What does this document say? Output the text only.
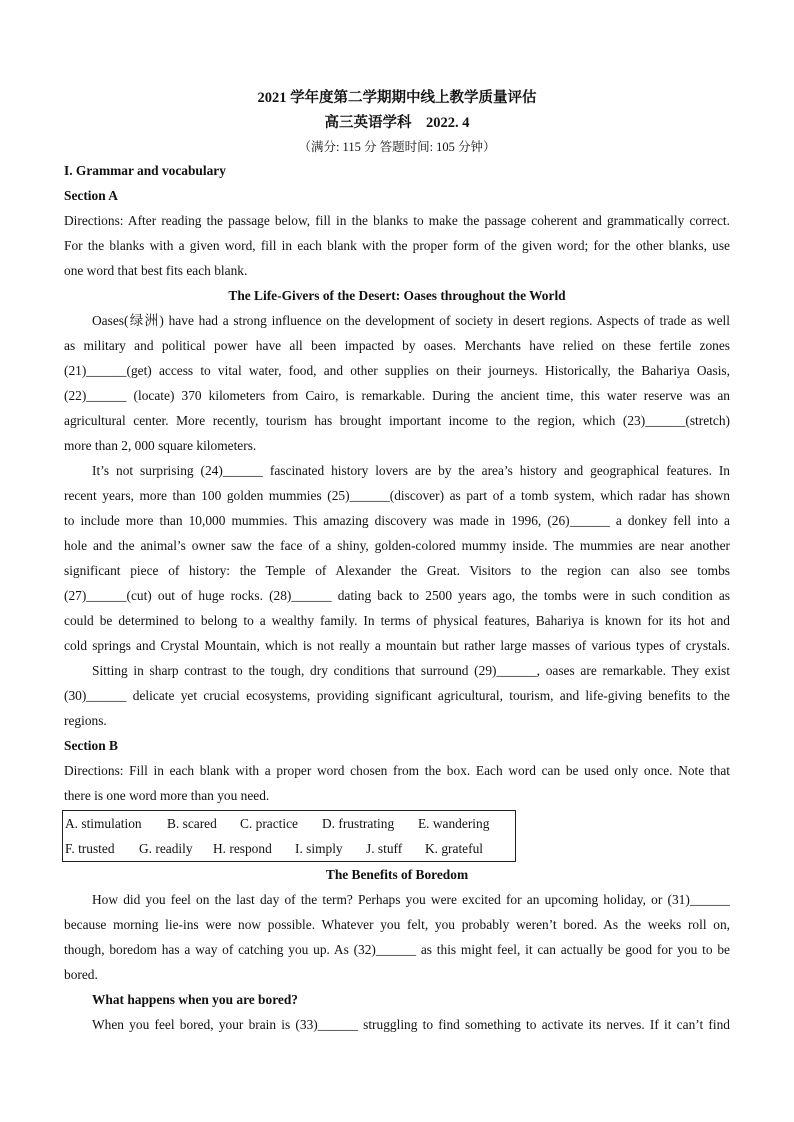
2021 学年度第二学期期中线上教学质量评估
高三英语学科　2022. 4
（满分: 115 分 答题时间: 105 分钟）
I. Grammar and vocabulary
Section A
Directions: After reading the passage below, fill in the blanks to make the passage coherent and grammatically correct.
For the blanks with a given word, fill in each blank with the proper form of the given word; for the other blanks, use
one word that best fits each blank.
The Life-Givers of the Desert: Oases throughout the World
Oases(绿洲) have had a strong influence on the development of society in desert regions. Aspects of trade as well
as military and political power have all been impacted by oases. Merchants have relied on these fertile zones
(21)______(get) access to vital water, food, and other supplies on their journeys. Historically, the Bahariya Oasis,
(22)______ (locate) 370 kilometers from Cairo, is remarkable. During the ancient time, this water reserve was an
agricultural center. More recently, tourism has brought important income to the region, which (23)______(stretch)
more than 2, 000 square kilometers.
It’s not surprising (24)______ fascinated history lovers are by the area’s history and geographical features. In
recent years, more than 100 golden mummies (25)______(discover) as part of a tomb system, which radar has shown
to include more than 10,000 mummies. This amazing discovery was made in 1996, (26)______ a donkey fell into a
hole and the animal’s owner saw the face of a shiny, golden-colored mummy inside. The mummies are near another
significant piece of history: the Temple of Alexander the Great. Visitors to the region can also see tombs
(27)______(cut) out of huge rocks. (28)______ dating back to 2500 years ago, the tombs were in such condition as
could be determined to belong to a wealthy family. In terms of physical features, Bahariya is known for its hot and
cold springs and Crystal Mountain, which is not really a mountain but rather large masses of various types of crystals.
Sitting in sharp contrast to the tough, dry conditions that surround (29)______, oases are remarkable. They exist
(30)______ delicate yet crucial ecosystems, providing significant agricultural, tourism, and life-giving benefits to the
regions.
Section B
Directions: Fill in each blank with a proper word chosen from the box. Each word can be used only once. Note that
there is one word more than you need.
A. stimulation	B. scared	C. practice	D. frustrating	E. wandering
F. trusted	G. readily	H. respond	I. simply	J. stuff	K. grateful
The Benefits of Boredom
How did you feel on the last day of the term? Perhaps you were excited for an upcoming holiday, or (31)______
because morning lie-ins were now possible. Whatever you felt, you probably weren’t bored. As the weeks roll on,
though, boredom has a way of catching you up. As (32)______ as this might feel, it can actually be good for you to be
bored.
What happens when you are bored?
When you feel bored, your brain is (33)______ struggling to find something to activate its nerves. If it can’t find
